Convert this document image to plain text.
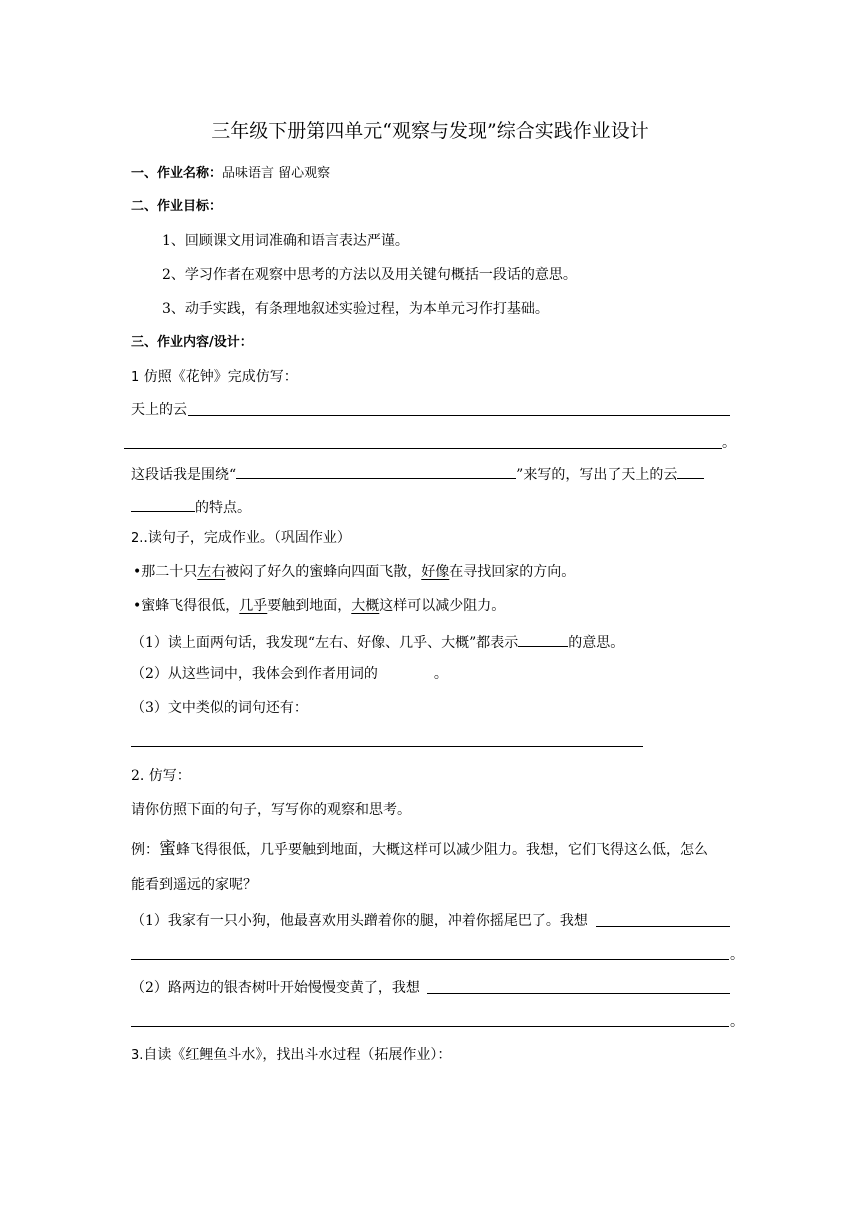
三年级下册第四单元“观察与发现”综合实践作业设计
一、作业名称：品味语言 留心观察
二、作业目标：
1、回顾课文用词准确和语言表达严谨。
2、学习作者在观察中思考的方法以及用关键句概括一段话的意思。
3、动手实践，有条理地叙述实验过程，为本单元习作打基础。
三、作业内容/设计：
1 仿照《花钟》完成仿写：
天上的云
。
这段话我是围绕“	”来写的，写出了天上的云
的特点。
2..读句子，完成作业。（巩固作业）
•那二十只左右被闷了好久的蜜蜂向四面飞散，好像在寻找回家的方向。
•蜜蜂飞得很低，几乎要触到地面，大概这样可以减少阻力。
（1）读上面两句话，我发现“左右、好像、几乎、大概”都表示	的意思。
（2）从这些词中，我体会到作者用词的	。
（3）文中类似的词句还有：
2. 仿写：
请你仿照下面的句子，写写你的观察和思考。
例：蜜蜂飞得很低，几乎要触到地面，大概这样可以减少阻力。我想，它们飞得这么低，怎么
能看到遥远的家呢？
（1）我家有一只小狗，他最喜欢用头蹭着你的腿，冲着你摇尾巴了。我想
。
（2）路两边的银杏树叶开始慢慢变黄了，我想
。
3.自读《红鲤鱼斗水》，找出斗水过程（拓展作业）：
